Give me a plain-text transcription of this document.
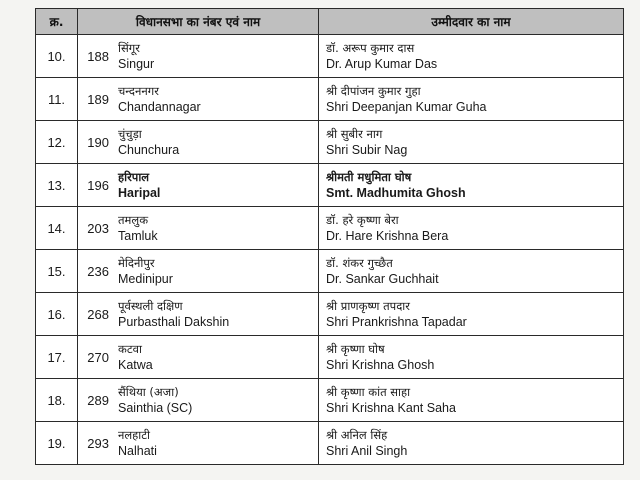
क्र.	विधानसभा का नंबर एवं नाम	उम्मीदवार का नाम
10.	188
सिंगूर
Singur	डॉ. अरूप कुमार दास
Dr. Arup Kumar Das

11.	189
चन्दननगर
Chandannagar	श्री दीपांजन कुमार गुहा
Shri Deepanjan Kumar Guha

12.	190
चुंचुड़ा
Chunchura	श्री सुबीर नाग
Shri Subir Nag

13.	196
हरिपाल
Haripal	श्रीमती मधुमिता घोष
Smt. Madhumita Ghosh

14.	203
तमलुक
Tamluk	डॉ. हरे कृष्णा बेरा
Dr. Hare Krishna Bera

15.	236
मेदिनीपुर
Medinipur	डॉ. शंकर गुच्छैत
Dr. Sankar Guchhait

16.	268
पूर्वस्थली दक्षिण
Purbasthali Dakshin	श्री प्राणकृष्ण तपदार
Shri Prankrishna Tapadar

17.	270
कटवा
Katwa	श्री कृष्णा घोष
Shri Krishna Ghosh

18.	289
सैंथिया (अजा)
Sainthia (SC)	श्री कृष्णा कांत साहा
Shri Krishna Kant Saha

19.	293
नलहाटी
Nalhati	श्री अनिल सिंह
Shri Anil Singh
